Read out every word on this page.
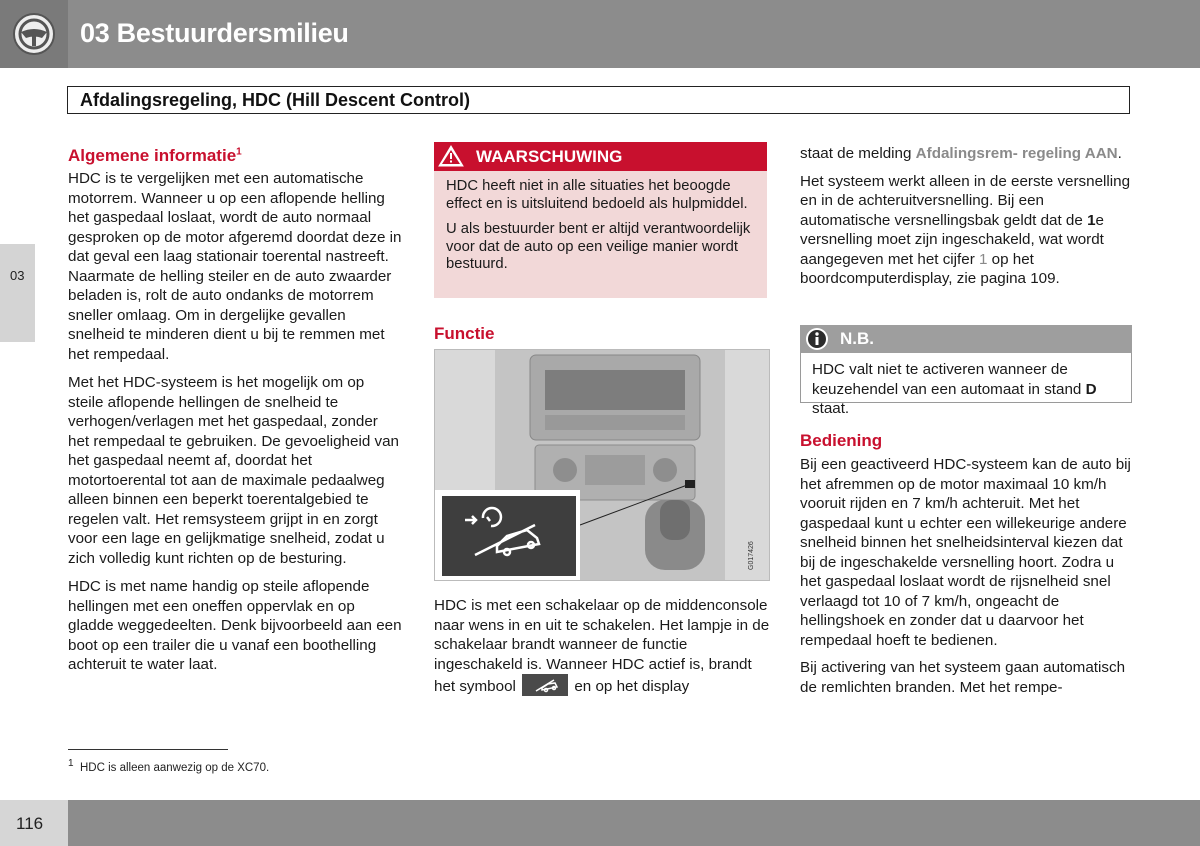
03 Bestuurdersmilieu
Afdalingsregeling, HDC (Hill Descent Control)
03
Algemene informatie$^1$

HDC is te vergelijken met een automatische motorrem. Wanneer u op een aflopende helling het gaspedaal loslaat, wordt de auto normaal gesproken op de motor afgeremd doordat deze in dat geval een laag stationair toerental nastreeft. Naarmate de helling steiler en de auto zwaarder beladen is, rolt de auto ondanks de motorrem sneller omlaag. Om in dergelijke gevallen snelheid te minderen dient u bij te remmen met het rempedaal.

Met het HDC-systeem is het mogelijk om op steile aflopende hellingen de snelheid te verhogen/verlagen met het gaspedaal, zonder het rempedaal te gebruiken. De gevoeligheid van het gaspedaal neemt af, doordat het motortoerental tot aan de maximale pedaalweg alleen binnen een beperkt toerentalgebied te regelen valt. Het remsysteem grijpt in en zorgt voor een lage en gelijkmatige snelheid, zodat u zich volledig kunt richten op de besturing.

HDC is met name handig op steile aflopende hellingen met een oneffen oppervlak en op gladde weggedeelten. Denk bijvoorbeeld aan een boot op een trailer die u vanaf een boothelling achteruit te water laat.

WAARSCHUWING

HDC heeft niet in alle situaties het beoogde effect en is uitsluitend bedoeld als hulpmiddel.

U als bestuurder bent er altijd verantwoordelijk voor dat de auto op een veilige manier wordt bestuurd.

Functie
G017426

HDC is met een schakelaar op de middenconsole naar wens in en uit te schakelen. Het lampje in de schakelaar brandt wanneer de functie ingeschakeld is. Wanneer HDC actief is, brandt het symbool	en op het display

staat de melding Afdalingsrem- regeling AAN.

Het systeem werkt alleen in de eerste versnelling en in de achteruitversnelling. Bij een automatische versnellingsbak geldt dat de 1e versnelling moet zijn ingeschakeld, wat wordt aangegeven met het cijfer 1 op het boordcomputerdisplay, zie pagina 109.

N.B.
HDC valt niet te activeren wanneer de keuzehendel van een automaat in stand D staat.
Bediening

Bij een geactiveerd HDC-systeem kan de auto bij het afremmen op de motor maximaal 10 km/h vooruit rijden en 7 km/h achteruit. Met het gaspedaal kunt u echter een willekeurige andere snelheid binnen het snelheidsinterval kiezen dat bij de ingeschakelde versnelling hoort. Zodra u het gaspedaal loslaat wordt de rijsnelheid snel verlaagd tot 10 of 7 km/h, ongeacht de hellingshoek en zonder dat u daarvoor het rempedaal hoeft te bedienen.

Bij activering van het systeem gaan automatisch de remlichten branden. Met het rempe-

$^1$ HDC is alleen aanwezig op de XC70.
116
